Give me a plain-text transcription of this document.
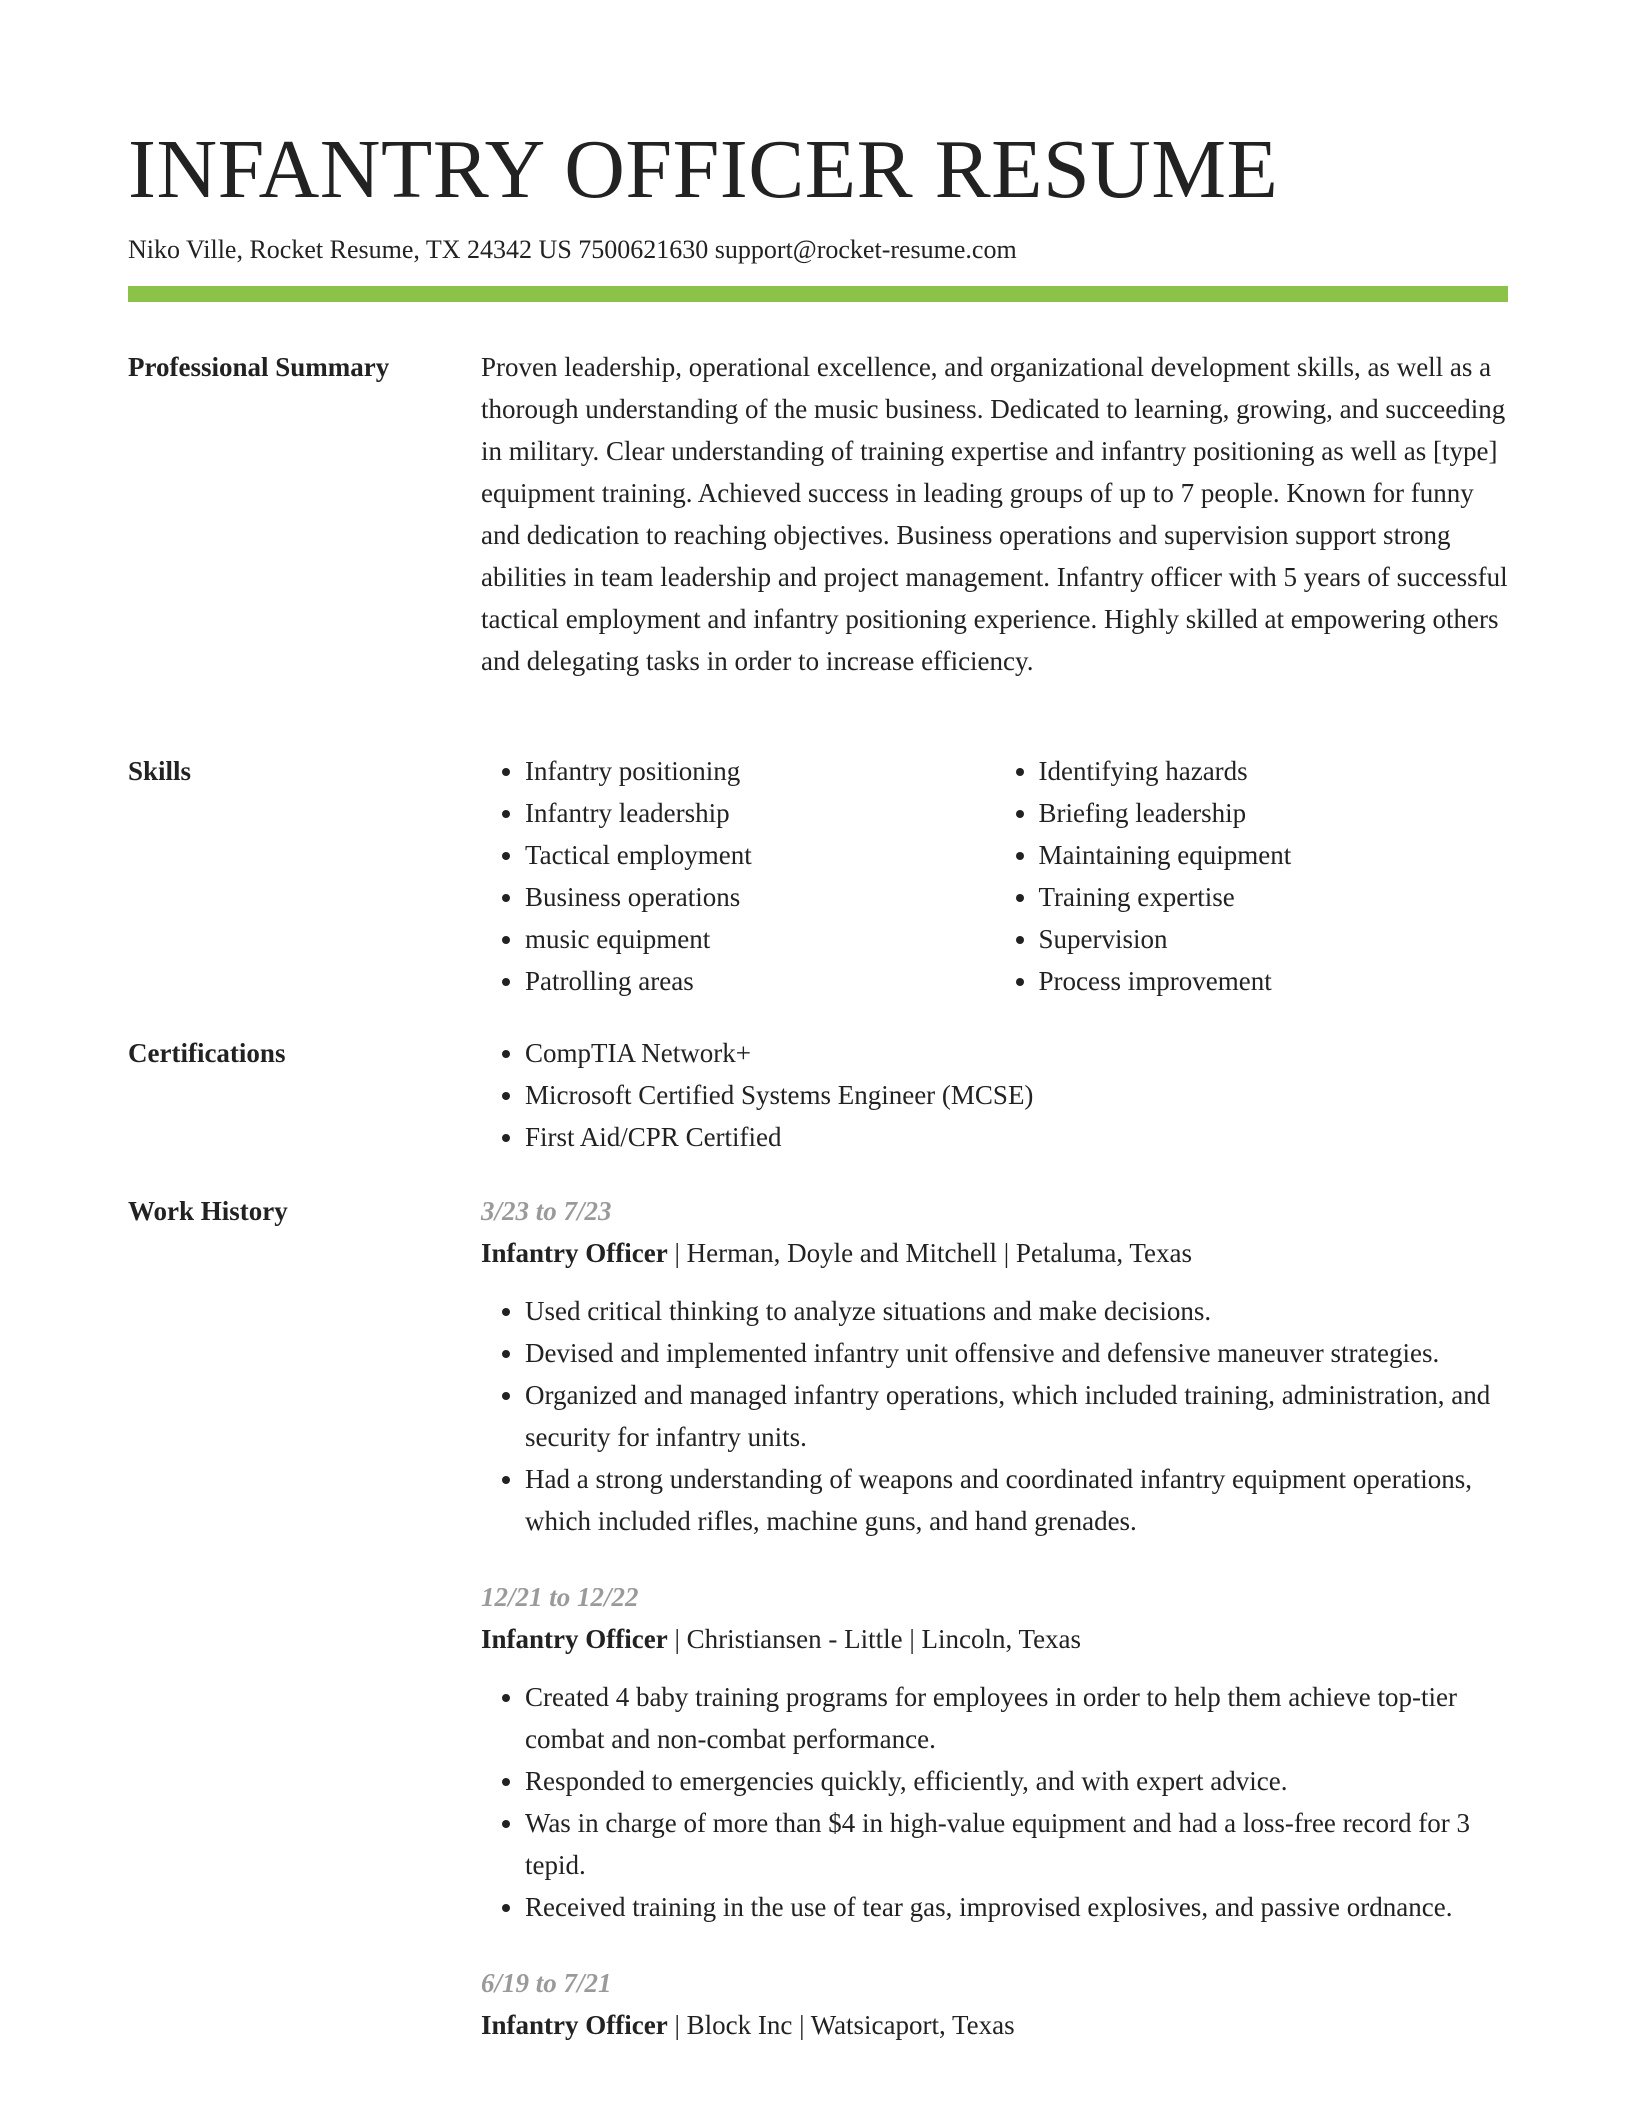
INFANTRY OFFICER RESUME
Niko Ville, Rocket Resume, TX 24342 US 7500621630 support@rocket-resume.com
Professional Summary	Proven leadership, operational excellence, and organizational development skills, as well as a thorough understanding of the music business. Dedicated to learning, growing, and succeeding in military. Clear understanding of training expertise and infantry positioning as well as [type] equipment training. Achieved success in leading groups of up to 7 people. Known for funny and dedication to reaching objectives. Business operations and supervision support strong abilities in team leadership and project management. Infantry officer with 5 years of successful tactical employment and infantry positioning experience. Highly skilled at empowering others and delegating tasks in order to increase efficiency.

Skills	• Infantry positioning
• Infantry leadership
• Tactical employment
• Business operations
• music equipment
• Patrolling areas
• Identifying hazards
• Briefing leadership
• Maintaining equipment
• Training expertise
• Supervision
• Process improvement
Certifications	• CompTIA Network+
• Microsoft Certified Systems Engineer (MCSE)
• First Aid/CPR Certified
Work History	3/23 to 7/23
Infantry Officer | Herman, Doyle and Mitchell | Petaluma, Texas
• Used critical thinking to analyze situations and make decisions.
• Devised and implemented infantry unit offensive and defensive maneuver strategies.
• Organized and managed infantry operations, which included training, administration, and security for infantry units.
• Had a strong understanding of weapons and coordinated infantry equipment operations, which included rifles, machine guns, and hand grenades.
12/21 to 12/22
Infantry Officer | Christiansen - Little | Lincoln, Texas
• Created 4 baby training programs for employees in order to help them achieve top-tier combat and non-combat performance.
• Responded to emergencies quickly, efficiently, and with expert advice.
• Was in charge of more than $4 in high-value equipment and had a loss-free record for 3 tepid.
• Received training in the use of tear gas, improvised explosives, and passive ordnance.
6/19 to 7/21
Infantry Officer | Block Inc | Watsicaport, Texas
